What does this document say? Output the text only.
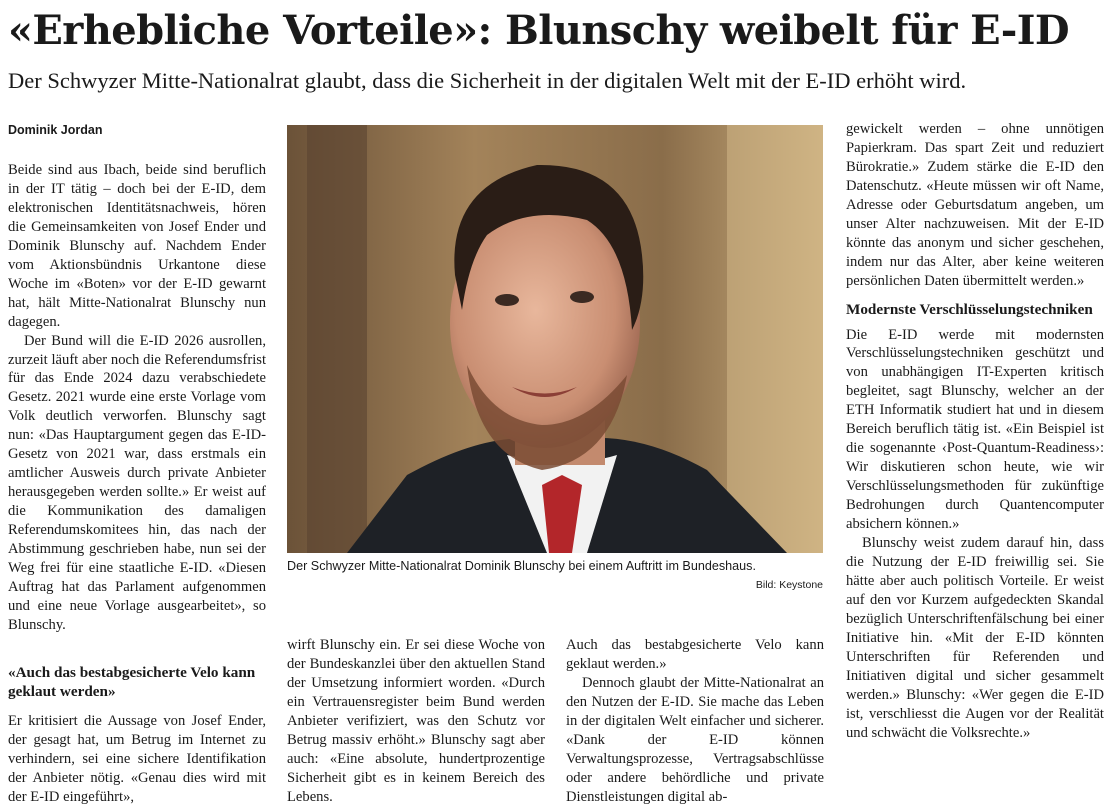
«Erhebliche Vorteile»: Blunschy weibelt für E-ID

Der Schwyzer Mitte-Nationalrat glaubt, dass die Sicherheit in der digitalen Welt mit der E-ID erhöht wird.

Dominik Jordan

Beide sind aus Ibach, beide sind beruflich in der IT tätig – doch bei der E-ID, dem elektronischen Identitätsnachweis, hören die Gemeinsamkeiten von Josef Ender und Dominik Blunschy auf. Nachdem Ender vom Aktionsbündnis Urkantone diese Woche im «Boten» vor der E-ID gewarnt hat, hält Mitte-Nationalrat Blunschy nun dagegen.

Der Bund will die E-ID 2026 ausrollen, zurzeit läuft aber noch die Referendumsfrist für das Ende 2024 dazu verabschiedete Gesetz. 2021 wurde eine erste Vorlage vom Volk deutlich verworfen. Blunschy sagt nun: «Das Hauptargument gegen das E-ID-Gesetz von 2021 war, dass erstmals ein amtlicher Ausweis durch private Anbieter herausgegeben werden sollte.» Er weist auf die Kommunikation des damaligen Referendumskomitees hin, das nach der Abstimmung geschrieben habe, nun sei der Weg frei für eine staatliche E-ID. «Diesen Auftrag hat das Parlament aufgenommen und eine neue Vorlage ausgearbeitet», so Blunschy.

«Auch das bestabgesicherte Velo kann geklaut werden»

Er kritisiert die Aussage von Josef Ender, der gesagt hat, um Betrug im Internet zu verhindern, sei eine sichere Identifikation der Anbieter nötig. «Genau dies wird mit der E-ID eingeführt»,

Der Schwyzer Mitte-Nationalrat Dominik Blunschy bei einem Auftritt im Bundeshaus.
Bild: Keystone

wirft Blunschy ein. Er sei diese Woche von der Bundeskanzlei über den aktuellen Stand der Umsetzung informiert worden. «Durch ein Vertrauensregister beim Bund werden Anbieter verifiziert, was den Schutz vor Betrug massiv erhöht.» Blunschy sagt aber auch: «Eine absolute, hundertprozentige Sicherheit gibt es in keinem Bereich des Lebens.

Auch das bestabgesicherte Velo kann geklaut werden.»

Dennoch glaubt der Mitte-Nationalrat an den Nutzen der E-ID. Sie mache das Leben in der digitalen Welt einfacher und sicherer. «Dank der E-ID können Verwaltungsprozesse, Vertragsabschlüsse oder andere behördliche und private Dienstleistungen digital ab-

gewickelt werden – ohne unnötigen Papierkram. Das spart Zeit und reduziert Bürokratie.» Zudem stärke die E-ID den Datenschutz. «Heute müssen wir oft Name, Adresse oder Geburtsdatum angeben, um unser Alter nachzuweisen. Mit der E-ID könnte das anonym und sicher geschehen, indem nur das Alter, aber keine weiteren persönlichen Daten übermittelt werden.»

Modernste Verschlüsselungstechniken

Die E-ID werde mit modernsten Verschlüsselungstechniken geschützt und von unabhängigen IT-Experten kritisch begleitet, sagt Blunschy, welcher an der ETH Informatik studiert hat und in diesem Bereich beruflich tätig ist. «Ein Beispiel ist die sogenannte ‹Post-Quantum-Readiness›: Wir diskutieren schon heute, wie wir Verschlüsselungsmethoden für zukünftige Bedrohungen durch Quantencomputer absichern können.»

Blunschy weist zudem darauf hin, dass die Nutzung der E-ID freiwillig sei. Sie hätte aber auch politisch Vorteile. Er weist auf den vor Kurzem aufgedeckten Skandal bezüglich Unterschriftenfälschung bei einer Initiative hin. «Mit der E-ID könnten Unterschriften für Referenden und Initiativen digital und sicher gesammelt werden.» Blunschy: «Wer gegen die E-ID ist, verschliesst die Augen vor der Realität und schwächt die Volksrechte.»
